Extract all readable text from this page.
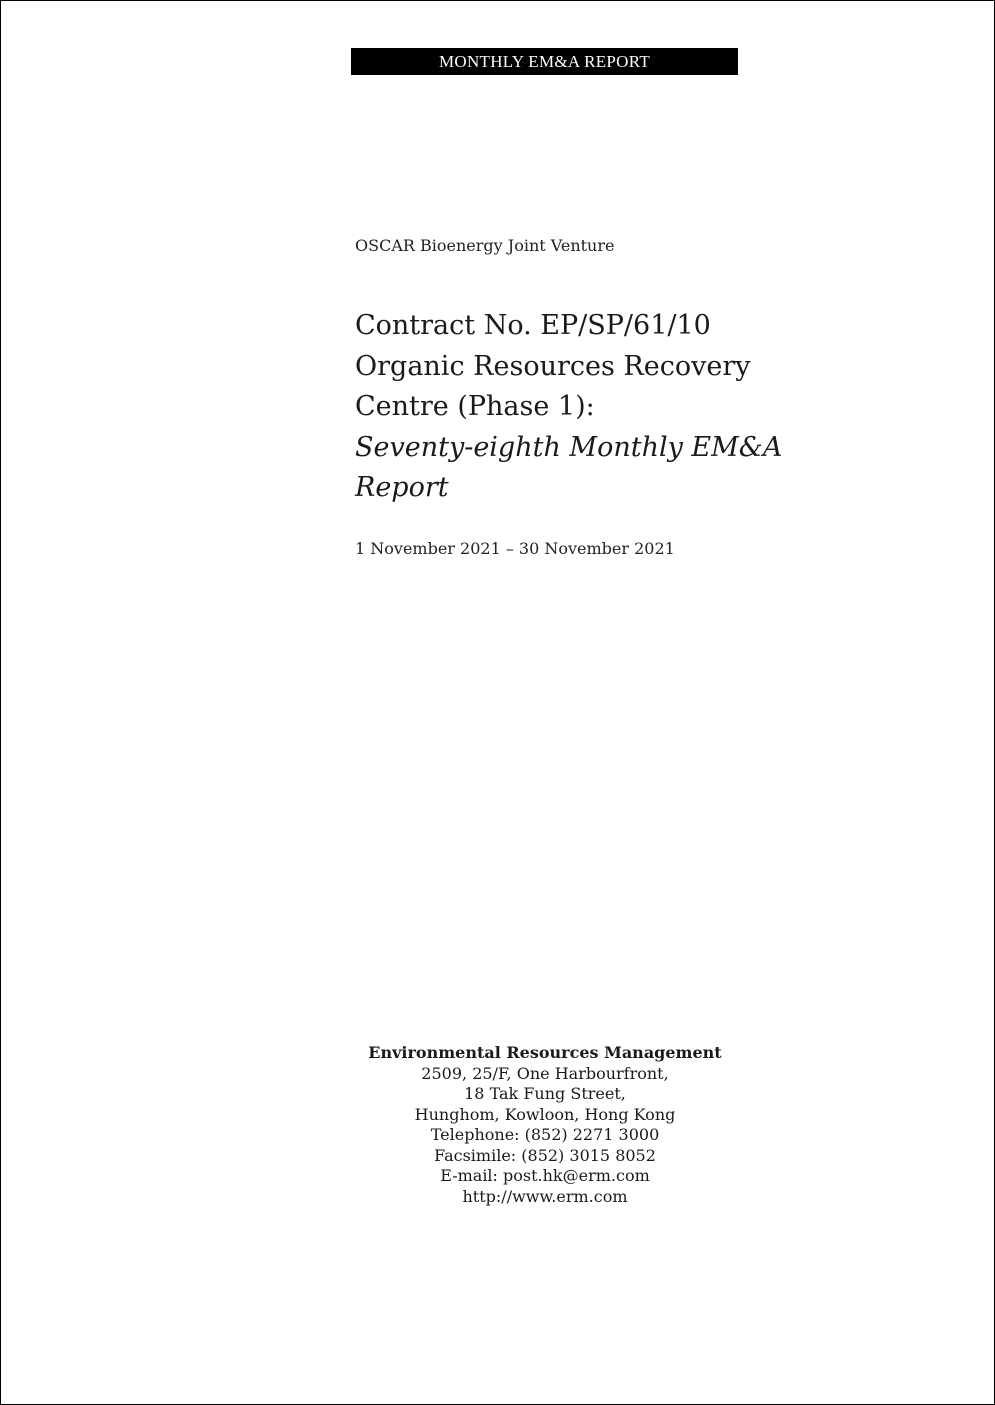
MONTHLY EM&A REPORT
OSCAR Bioenergy Joint Venture
Contract No. EP/SP/61/10
Organic Resources Recovery
Centre (Phase 1):
Seventy-eighth Monthly EM&A
Report
1 November 2021 – 30 November 2021
Environmental Resources Management
2509, 25/F, One Harbourfront,
18 Tak Fung Street,
Hunghom, Kowloon, Hong Kong
Telephone: (852) 2271 3000
Facsimile: (852) 3015 8052
E-mail: post.hk@erm.com
http://www.erm.com
